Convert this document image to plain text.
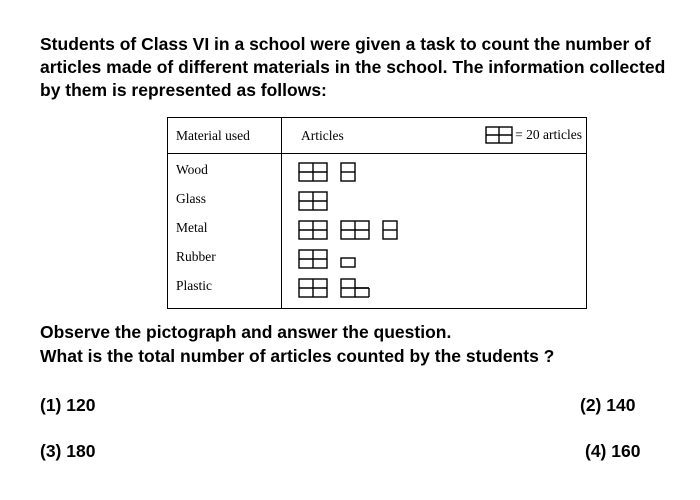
Students of Class VI in a school were given a task to count the number of articles made of different materials in the school. The information collected by them is represented as follows:
Material used	Articles	= 20 articles
Wood
Glass
Metal
Rubber
Plastic
Observe the pictograph and answer the question.
What is the total number of articles counted by the students ?
(1) 120	(2) 140
(3) 180	(4) 160
